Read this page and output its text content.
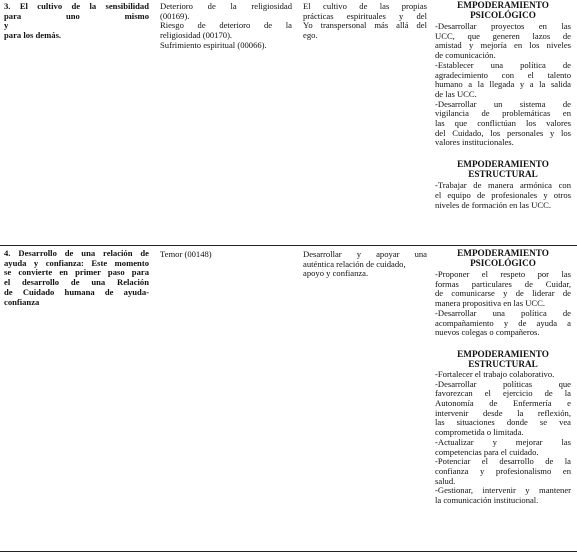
3. El cultivo de la sensibilidad
para uno mismo y
para los demás.
Deterioro de la religiosidad
(00169).
Riesgo de deterioro de la
religiosidad (00170).
Sufrimiento espiritual (00066).
El cultivo de las propias
prácticas espirituales y del
Yo transpersonal más allá del
ego.
EMPODERAMIENTO
PSICOLÓGICO
-Desarrollar proyectos en las
UCC, que generen lazos de
amistad y mejoría en los niveles
de comunicación.
-Establecer una política de
agradecimiento con el talento
humano a la llegada y a la salida
de las UCC.
-Desarrollar un sistema de
vigilancia de problemáticas en
las que conflictúan los valores
del Cuidado, los personales y los
valores institucionales.
EMPODERAMIENTO
ESTRUCTURAL
-Trabajar de manera armónica con
el equipo de profesionales y otros
niveles de formación en las UCC.
4. Desarrollo de una relación de
ayuda y confianza: Este momento
se convierte en primer paso para
el desarrollo de una Relación
de Cuidado humana de ayuda-
confianza
Temor (00148)	Desarrollar y apoyar una
auténtica relación de cuidado,
apoyo y confianza.
EMPODERAMIENTO
PSICOLÓGICO
-Proponer el respeto por las
formas particulares de Cuidar,
de comunicarse y de liderar de
manera propositiva en las UCC.
-Desarrollar una política de
acompañamiento y de ayuda a
nuevos colegas o compañeros.
EMPODERAMIENTO
ESTRUCTURAL
-Fortalecer el trabajo colaborativo.
-Desarrollar políticas que
favorezcan el ejercicio de la
Autonomía de Enfermería e
intervenir desde la reflexión,
las situaciones donde se vea
comprometida o limitada.
-Actualizar y mejorar las
competencias para el cuidado.
-Potenciar el desarrollo de la
confianza y profesionalismo en
salud.
-Gestionar, intervenir y mantener
la comunicación institucional.
